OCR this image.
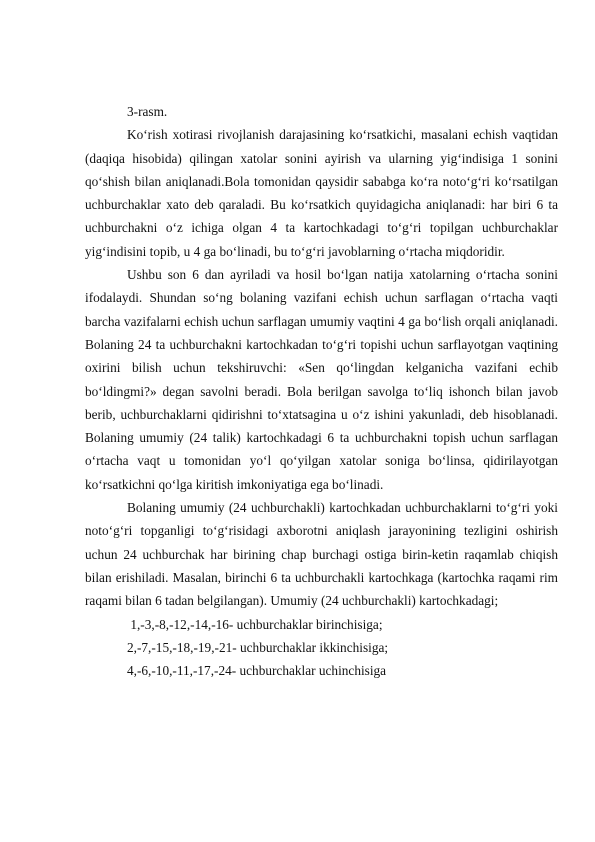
3-rasm.

Ko‘rish xotirasi rivojlanish darajasining ko‘rsatkichi, masalani echish vaqtidan (daqiqa hisobida) qilingan xatolar sonini ayirish va ularning yig‘indisiga 1 sonini qo‘shish bilan aniqlanadi.Bola tomonidan qaysidir sababga ko‘ra noto‘g‘ri ko‘rsatilgan uchburchaklar xato deb qaraladi. Bu ko‘rsatkich quyidagicha aniqlanadi: har biri 6 ta uchburchakni o‘z ichiga olgan 4 ta kartochkadagi to‘g‘ri topilgan uchburchaklar yig‘indisini topib, u 4 ga bo‘linadi, bu to‘g‘ri javoblarning o‘rtacha miqdoridir.

Ushbu son 6 dan ayriladi va hosil bo‘lgan natija xatolarning o‘rtacha sonini ifodalaydi. Shundan so‘ng bolaning vazifani echish uchun sarflagan o‘rtacha vaqti barcha vazifalarni echish uchun sarflagan umumiy vaqtini 4 ga bo‘lish orqali aniqlanadi. Bolaning 24 ta uchburchakni kartochkadan to‘g‘ri topishi uchun sarflayotgan vaqtining oxirini bilish uchun tekshiruvchi: «Sen qo‘lingdan kelganicha vazifani echib bo‘ldingmi?» degan savolni beradi. Bola berilgan savolga to‘liq ishonch bilan javob berib, uchburchaklarni qidirishni to‘xtatsagina u o‘z ishini yakunladi, deb hisoblanadi. Bolaning umumiy (24 talik) kartochkadagi 6 ta uchburchakni topish uchun sarflagan o‘rtacha vaqt u tomonidan yo‘l qo‘yilgan xatolar soniga bo‘linsa, qidirilayotgan ko‘rsatkichni qo‘lga kiritish imkoniyatiga ega bo‘linadi.

Bolaning umumiy (24 uchburchakli) kartochkadan uchburchaklarni to‘g‘ri yoki noto‘g‘ri topganligi to‘g‘risidagi axborotni aniqlash jarayonining tezligini oshirish uchun 24 uchburchak har birining chap burchagi ostiga birin-ketin raqamlab chiqish bilan erishiladi. Masalan, birinchi 6 ta uchburchakli kartochkaga (kartochka raqami rim raqami bilan 6 tadan belgilangan). Umumiy (24 uchburchakli) kartochkadagi;

1,-3,-8,-12,-14,-16- uchburchaklar birinchisiga;

2,-7,-15,-18,-19,-21- uchburchaklar ikkinchisiga;

4,-6,-10,-11,-17,-24- uchburchaklar uchinchisiga
